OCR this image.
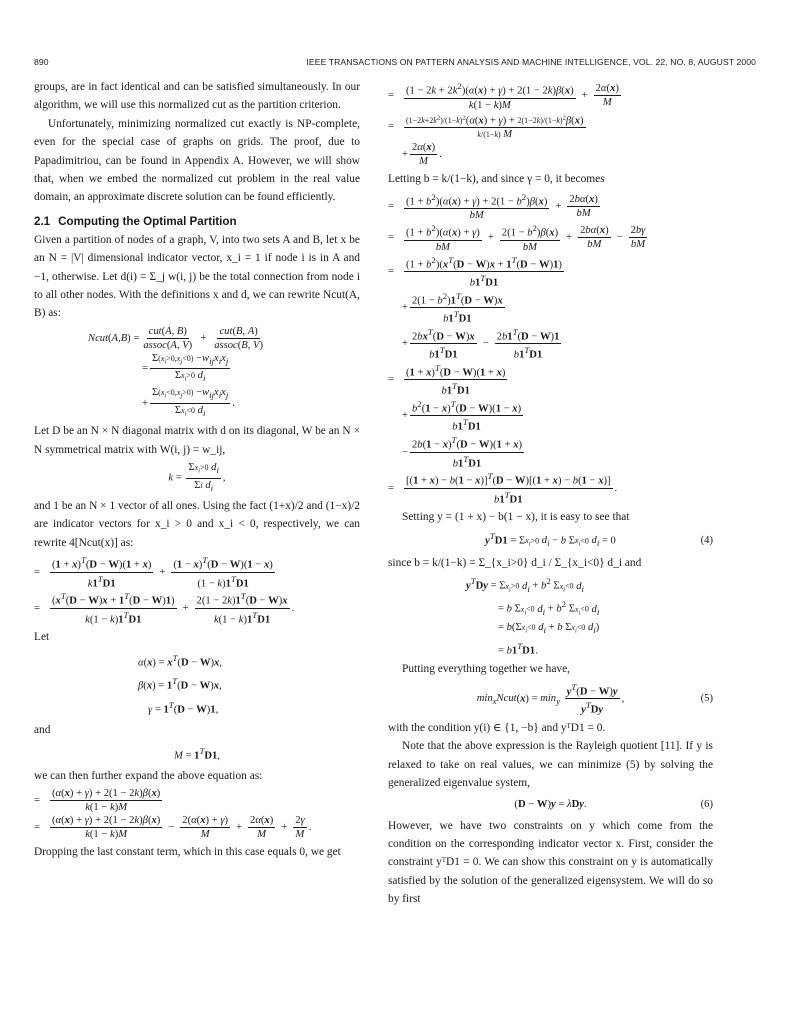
890	IEEE TRANSACTIONS ON PATTERN ANALYSIS AND MACHINE INTELLIGENCE, VOL. 22, NO. 8, AUGUST 2000

groups, are in fact identical and can be satisfied simultaneously. In our algorithm, we will use this normalized cut as the partition criterion.

Unfortunately, minimizing normalized cut exactly is NP-complete, even for the special case of graphs on grids. The proof, due to Papadimitriou, can be found in Appendix A. However, we will show that, when we embed the normalized cut problem in the real value domain, an approximate discrete solution can be found efficiently.

2.1 Computing the Optimal Partition

Given a partition of nodes of a graph, V, into two sets A and B, let x be an N = |V| dimensional indicator vector, x_i = 1 if node i is in A and −1, otherwise. Let d(i) = Σ_j w(i, j) be the total connection from node i to all other nodes. With the definitions x and d, we can rewrite Ncut(A, B) as:

Ncut ( A , B ) = $\frac{\text{cut(A, B)}}{\text{assoc(A, V)}} + \frac{\text{cut(B, A)}}{\text{assoc(B, V)}}$
= $\frac{\Sigma(x_i>0,x_j<0) -w_{ij}x_ix_j}{\Sigma x_i>0 d_i}$
+ $\frac{\Sigma(x_i<0,x_j>0) -w_{ij}x_ix_j}{\Sigma x_i<0 d_i}$ .

Let D be an N × N diagonal matrix with d on its diagonal, W be an N × N symmetrical matrix with W(i, j) = w_ij,

$k = \frac{\Sigma x_i>0 d_i}{\Sigma i d_i}$ ,

and 1 be an N × 1 vector of all ones. Using the fact (1+x)/2 and (1−x)/2 are indicator vectors for x_i > 0 and x_i < 0, respectively, we can rewrite 4[Ncut(x)] as:

= $\frac{(1 + x)^T(D - W)(1 + x)}{k1^TD1} + \frac{(1 - x)^T(D - W)(1 - x)}{(1 - k)1^TD1}$
= $\frac{(x^T(D - W)x + 1^T(D - W)1)}{k(1 - k)1^TD1} + \frac{2(1 - 2k)1^T(D - W)x}{k(1 - k)1^TD1}$ .

Let

$\alpha(x) = x^T(D - W)x$,
$\beta(x) = 1^T(D - W)x$,
$\gamma = 1^T(D - W)1$,

and

$M = 1^TD1$,

we can then further expand the above equation as:

= $\frac{(\alpha(x) + \gamma) + 2(1 - 2k)\beta(x)}{k(1 - k)M}$
= $\frac{(\alpha(x) + \gamma) + 2(1 - 2k)\beta(x)}{k(1 - k)M} - \frac{2(\alpha(x) + \gamma)}{M} + \frac{2\alpha(x)}{M} + \frac{2\gamma}{M}$ .

Dropping the last constant term, which in this case equals 0, we get

= $\frac{(1 - 2k + 2k^2)(\alpha(x) + \gamma) + 2(1 - 2k)\beta(x)}{k(1 - k)M} + \frac{2\alpha(x)}{M}$
=	$\frac{(1-2k+2k^2)/(1-k)^2(\alpha(x) + \gamma) + 2(1-2k)/(1-k)^2\beta(x)}{k/(1-k) M}$
+ $\frac{2\alpha(x)}{M}$ .

Letting b = k/(1−k), and since γ = 0, it becomes

= $\frac{(1 + b^2)(\alpha(x) + \gamma) + 2(1 - b^2)\beta(x)}{bM} + \frac{2b\alpha(x)}{bM}$
= $\frac{(1 + b^2)(\alpha(x) + \gamma)}{bM} + \frac{2(1 - b^2)\beta(x)}{bM} + \frac{2b\alpha(x)}{bM} - \frac{2b\gamma}{bM}$
= $\frac{(1 + b^2)(x^T(D - W)x + 1^T(D - W)1)}{b1^TD1}$
+ $\frac{2(1 - b^2)1^T(D - W)x}{b1^TD1}$
+ $\frac{2bx^T(D - W)x}{b1^TD1} - \frac{2b1^T(D - W)1}{b1^TD1}$
= $\frac{(1 + x)^T(D - W)(1 + x)}{b1^TD1}$
+ $\frac{b^2(1 - x)^T(D - W)(1 - x)}{b1^TD1}$
− $\frac{2b(1 - x)^T(D - W)(1 + x)}{b1^TD1}$
= $\frac{[(1 + x) - b(1 - x)]^T(D - W)[(1 + x) - b(1 - x)]}{b1^TD1}$ .

Setting y = (1 + x) − b(1 − x), it is easy to see that

$y^TD1 = \Sigma x_i>0$ $d_i - b$ $\Sigma x_i<0$ $d_i = 0$	(4)

since b = k/(1−k) = Σ_{x_i>0} d_i / Σ_{x_i<0} d_i and

$y^TDy = \Sigma x_i>0$ $d_i + b^2$ $\Sigma x_i<0$ $d_i$
= b $\Sigma x_i<0$ $d_i + b^2$ $\Sigma x_i<0$ $d_i$
= $b(\Sigma x_i<0$ $d_i + b$ $\Sigma x_i<0$ $d_i$)
= $b1^TD1$.

Putting everything together we have,

$\min_xNcut(x) = \min_y \frac{y^T(D - W)y}{y^TDy}$ ,	(5)

with the condition y(i) ∈ {1, −b} and yᵀD1 = 0.

Note that the above expression is the Rayleigh quotient [11]. If y is relaxed to take on real values, we can minimize (5) by solving the generalized eigenvalue system,

(D − W)y = λDy.	(6)

However, we have two constraints on y which come from the condition on the corresponding indicator vector x. First, consider the constraint yᵀD1 = 0. We can show this constraint on y is automatically satisfied by the solution of the generalized eigensystem. We will do so by first
